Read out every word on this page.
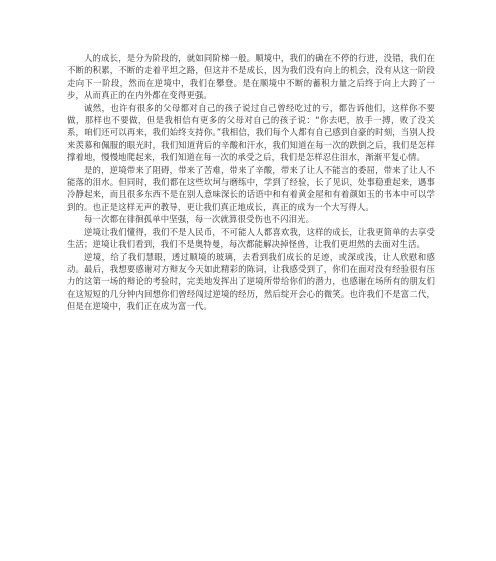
人的成长，是分为阶段的，就如同阶梯一般。顺境中，我们的确在不停的行进，没错，我们在不断的积累，不断的走着平坦之路，但这并不是成长，因为我们没有向上的机会，没有从这一阶段走向下一阶段，然而在逆境中，我们在攀登。是在顺境中不断的蓄积力量之后终于向上大跨了一步，从而真正的在内外都在变得更强。

诚然，也许有很多的父母都对自己的孩子说过自己曾经吃过的亏，都告诉他们，这样你不要做，那样也不要做，但是我相信有更多的父母对自己的孩子说：“你去吧，放手一搏，败了没关系，咱们还可以再来，我们始终支持你。”我相信，我们每个人都有自己感到自豪的时刻，当别人投来羡慕和佩服的眼光时，我们知道背后的辛酸和汗水，我们知道在每一次的跌倒之后，我们是怎样撑着地，慢慢地爬起来，我们知道在每一次的承受之后，我们是怎样忍住泪水，渐渐平复心情。

是的，逆境带来了阻碍，带来了苦难，带来了辛酸，带来了让人不能言的委屈，带来了让人不能落的泪水。但同时，我们都在这些坎坷与磨练中，学到了经验，长了见识，处事稳重起来，遇事冷静起来，而且很多东西不是在别人意味深长的话语中和有着黄金屋和有着颜如玉的书本中可以学到的。也正是这样无声的教导，更让我们真正地成长，真正的成为一个大写得人。

每一次都在徘徊孤单中坚强，每一次就算很受伤也不闪泪光。

逆境让我们懂得，我们不是人民币，不可能人人都喜欢我，这样的成长，让我更简单的去享受生活；逆境让我们看到，我们不是奥特曼，每次都能解决掉怪兽，让我们更坦然的去面对生活。

逆境，给了我们慧眼，透过顺境的玻璃，去看到我们成长的足迹，或深或浅，让人欣慰和感动。最后，我想要感谢对方辩友今天如此精彩的陈词，让我感受到了，你们在面对没有经验很有压力的这第一场的辩论的考验时，完美地发挥出了逆境所带给你们的潜力，也感谢在场所有的朋友们在这短短的几分钟内回想你们曾经闯过逆境的经历，然后绽开会心的微笑。也许我们不是富二代，但是在逆境中，我们正在成为富一代。
